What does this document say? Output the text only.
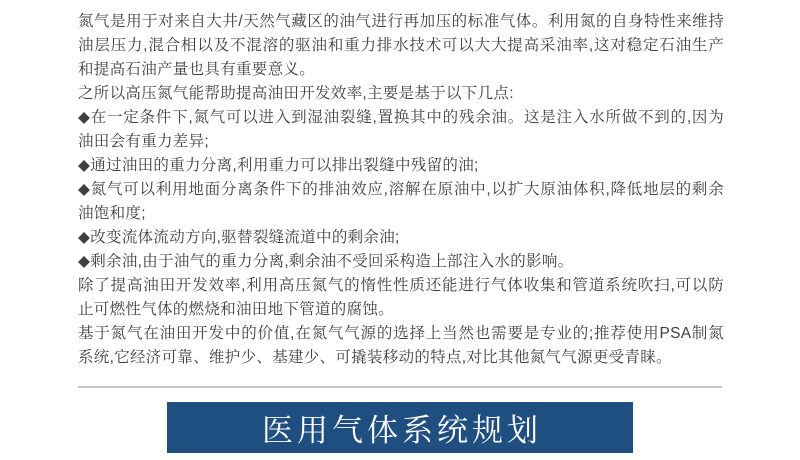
氮气是用于对来自大井/天然气藏区的油气进行再加压的标准气体。利用氮的自身特性来维持
油层压力,混合相以及不混溶的驱油和重力排水技术可以大大提高采油率,这对稳定石油生产
和提高石油产量也具有重要意义。
之所以高压氮气能帮助提高油田开发效率,主要是基于以下几点:
◆在一定条件下,氮气可以进入到湿油裂缝,置换其中的残余油。这是注入水所做不到的,因为
油田会有重力差异;
◆通过油田的重力分离,利用重力可以排出裂缝中残留的油;
◆氮气可以利用地面分离条件下的排油效应,溶解在原油中,以扩大原油体积,降低地层的剩余
油饱和度;
◆改变流体流动方向,驱替裂缝流道中的剩余油;
◆剩余油,由于油气的重力分离,剩余油不受回采构造上部注入水的影响。
除了提高油田开发效率,利用高压氮气的惰性性质还能进行气体收集和管道系统吹扫,可以防
止可燃性气体的燃烧和油田地下管道的腐蚀。
基于氮气在油田开发中的价值,在氮气气源的选择上当然也需要是专业的;推荐使用PSA制氮
系统,它经济可靠、维护少、基建少、可撬装移动的特点,对比其他氮气气源更受青睐。
医用气体系统规划
